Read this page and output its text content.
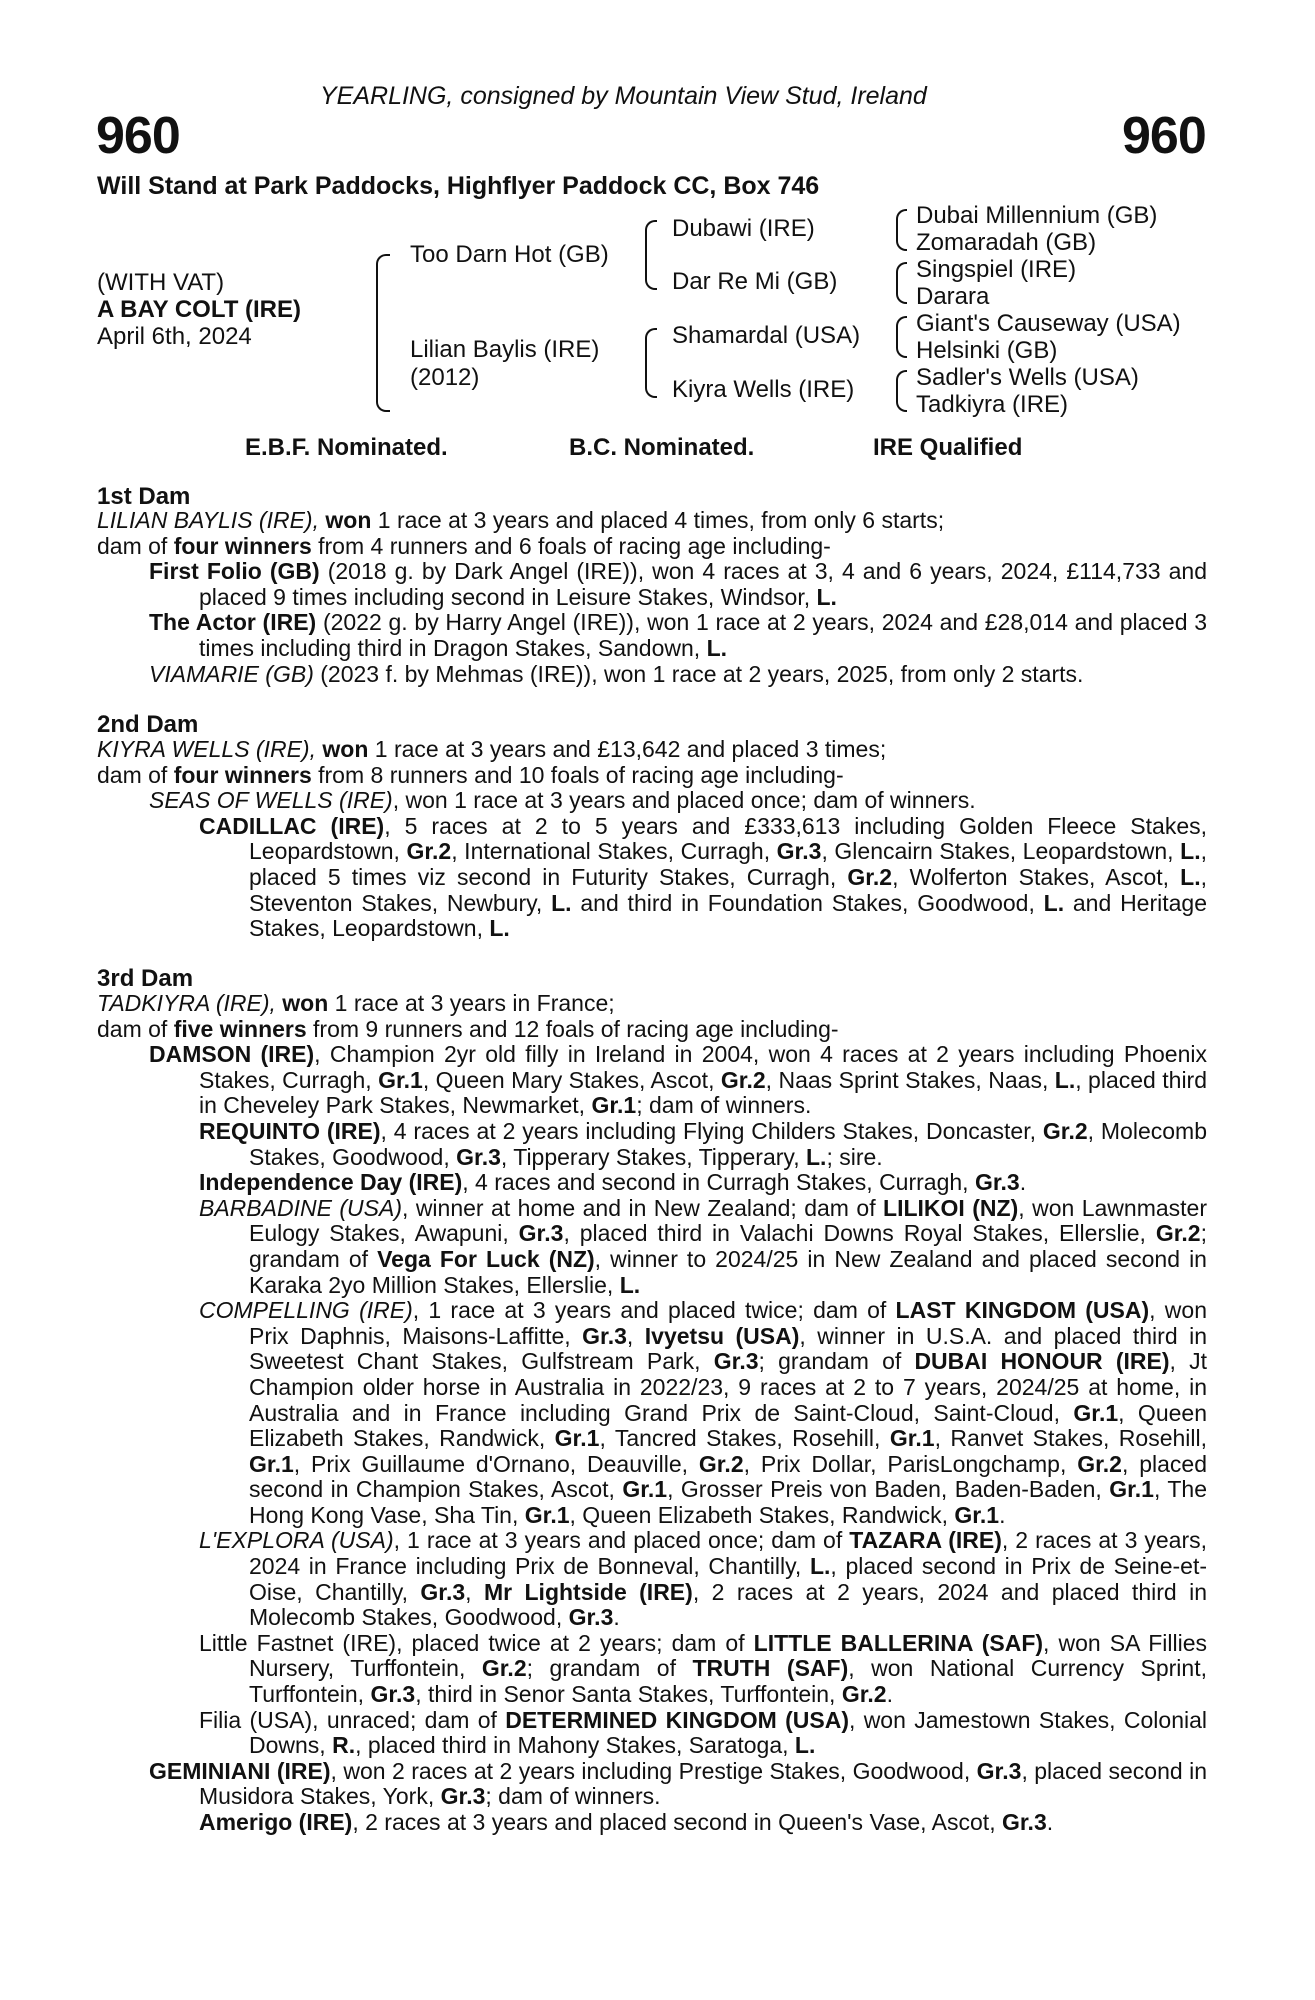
YEARLING, consigned by Mountain View Stud, Ireland
960	960
Will Stand at Park Paddocks, Highflyer Paddock CC, Box 746
(WITH VAT)
A BAY COLT (IRE)
April 6th, 2024
Too Darn Hot (GB)
Lilian Baylis (IRE)
(2012)
Dubawi (IRE)
Dar Re Mi (GB)
Shamardal (USA)
Kiyra Wells (IRE)
Dubai Millennium (GB)
Zomaradah (GB)
Singspiel (IRE)
Darara
Giant's Causeway (USA)
Helsinki (GB)
Sadler's Wells (USA)
Tadkiyra (IRE)
E.B.F. Nominated.	B.C. Nominated.	IRE Qualified
1st Dam

LILIAN BAYLIS (IRE), won 1 race at 3 years and placed 4 times, from only 6 starts;

dam of four winners from 4 runners and 6 foals of racing age including-

First Folio (GB) (2018 g. by Dark Angel (IRE)), won 4 races at 3, 4 and 6 years, 2024, £114,733 and placed 9 times including second in Leisure Stakes, Windsor, L.

The Actor (IRE) (2022 g. by Harry Angel (IRE)), won 1 race at 2 years, 2024 and £28,014 and placed 3 times including third in Dragon Stakes, Sandown, L.

VIAMARIE (GB) (2023 f. by Mehmas (IRE)), won 1 race at 2 years, 2025, from only 2 starts.

2nd Dam

KIYRA WELLS (IRE), won 1 race at 3 years and £13,642 and placed 3 times;

dam of four winners from 8 runners and 10 foals of racing age including-

SEAS OF WELLS (IRE), won 1 race at 3 years and placed once; dam of winners.

CADILLAC (IRE), 5 races at 2 to 5 years and £333,613 including Golden Fleece Stakes, Leopardstown, Gr.2, International Stakes, Curragh, Gr.3, Glencairn Stakes, Leopardstown, L., placed 5 times viz second in Futurity Stakes, Curragh, Gr.2, Wolferton Stakes, Ascot, L., Steventon Stakes, Newbury, L. and third in Foundation Stakes, Goodwood, L. and Heritage Stakes, Leopardstown, L.

3rd Dam

TADKIYRA (IRE), won 1 race at 3 years in France;

dam of five winners from 9 runners and 12 foals of racing age including-

DAMSON (IRE), Champion 2yr old filly in Ireland in 2004, won 4 races at 2 years including Phoenix Stakes, Curragh, Gr.1, Queen Mary Stakes, Ascot, Gr.2, Naas Sprint Stakes, Naas, L., placed third in Cheveley Park Stakes, Newmarket, Gr.1; dam of winners.

REQUINTO (IRE), 4 races at 2 years including Flying Childers Stakes, Doncaster, Gr.2, Molecomb Stakes, Goodwood, Gr.3, Tipperary Stakes, Tipperary, L.; sire.

Independence Day (IRE), 4 races and second in Curragh Stakes, Curragh, Gr.3.

BARBADINE (USA), winner at home and in New Zealand; dam of LILIKOI (NZ), won Lawnmaster Eulogy Stakes, Awapuni, Gr.3, placed third in Valachi Downs Royal Stakes, Ellerslie, Gr.2; grandam of Vega For Luck (NZ), winner to 2024/25 in New Zealand and placed second in Karaka 2yo Million Stakes, Ellerslie, L.

COMPELLING (IRE), 1 race at 3 years and placed twice; dam of LAST KINGDOM (USA), won Prix Daphnis, Maisons-Laffitte, Gr.3, Ivyetsu (USA), winner in U.S.A. and placed third in Sweetest Chant Stakes, Gulfstream Park, Gr.3; grandam of DUBAI HONOUR (IRE), Jt Champion older horse in Australia in 2022/23, 9 races at 2 to 7 years, 2024/25 at home, in Australia and in France including Grand Prix de Saint-Cloud, Saint-Cloud, Gr.1, Queen Elizabeth Stakes, Randwick, Gr.1, Tancred Stakes, Rosehill, Gr.1, Ranvet Stakes, Rosehill, Gr.1, Prix Guillaume d'Ornano, Deauville, Gr.2, Prix Dollar, ParisLongchamp, Gr.2, placed second in Champion Stakes, Ascot, Gr.1, Grosser Preis von Baden, Baden-Baden, Gr.1, The Hong Kong Vase, Sha Tin, Gr.1, Queen Elizabeth Stakes, Randwick, Gr.1.

L'EXPLORA (USA), 1 race at 3 years and placed once; dam of TAZARA (IRE), 2 races at 3 years, 2024 in France including Prix de Bonneval, Chantilly, L., placed second in Prix de Seine-et-Oise, Chantilly, Gr.3, Mr Lightside (IRE), 2 races at 2 years, 2024 and placed third in Molecomb Stakes, Goodwood, Gr.3.

Little Fastnet (IRE), placed twice at 2 years; dam of LITTLE BALLERINA (SAF), won SA Fillies Nursery, Turffontein, Gr.2; grandam of TRUTH (SAF), won National Currency Sprint, Turffontein, Gr.3, third in Senor Santa Stakes, Turffontein, Gr.2.

Filia (USA), unraced; dam of DETERMINED KINGDOM (USA), won Jamestown Stakes, Colonial Downs, R., placed third in Mahony Stakes, Saratoga, L.

GEMINIANI (IRE), won 2 races at 2 years including Prestige Stakes, Goodwood, Gr.3, placed second in Musidora Stakes, York, Gr.3; dam of winners.

Amerigo (IRE), 2 races at 3 years and placed second in Queen's Vase, Ascot, Gr.3.
